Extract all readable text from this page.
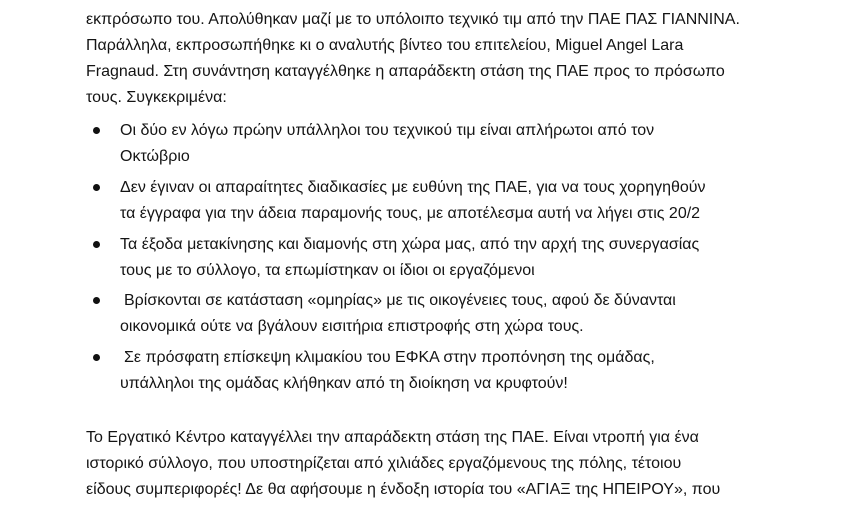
εκπρόσωπο του. Απολύθηκαν μαζί με το υπόλοιπο τεχνικό τιμ από την ΠΑΕ ΠΑΣ ΓΙΑΝΝΙΝΑ.
Παράλληλα, εκπροσωπήθηκε κι ο αναλυτής βίντεο του επιτελείου, Miguel Angel Lara
Fragnaud. Στη συνάντηση καταγγέλθηκε η απαράδεκτη στάση της ΠΑΕ προς το πρόσωπο
τους. Συγκεκριμένα:

Οι δύο εν λόγω πρώην υπάλληλοι του τεχνικού τιμ είναι απλήρωτοι από τον
Οκτώβριο

Δεν έγιναν οι απαραίτητες διαδικασίες με ευθύνη της ΠΑΕ, για να τους χορηγηθούν
τα έγγραφα για την άδεια παραμονής τους, με αποτέλεσμα αυτή να λήγει στις 20/2

Τα έξοδα μετακίνησης και διαμονής στη χώρα μας, από την αρχή της συνεργασίας
τους με το σύλλογο, τα επωμίστηκαν οι ίδιοι οι εργαζόμενοι

Βρίσκονται σε κατάσταση «ομηρίας» με τις οικογένειες τους, αφού δε δύνανται
οικονομικά ούτε να βγάλουν εισιτήρια επιστροφής στη χώρα τους.

Σε πρόσφατη επίσκεψη κλιμακίου του ΕΦΚΑ στην προπόνηση της ομάδας,
υπάλληλοι της ομάδας κλήθηκαν από τη διοίκηση να κρυφτούν!

Το Εργατικό Κέντρο καταγγέλλει την απαράδεκτη στάση της ΠΑΕ. Είναι ντροπή για ένα
ιστορικό σύλλογο, που υποστηρίζεται από χιλιάδες εργαζόμενους της πόλης, τέτοιου
είδους συμπεριφορές! Δε θα αφήσουμε η ένδοξη ιστορία του «ΑΓΙΑΞ της ΗΠΕΙΡΟΥ», που
